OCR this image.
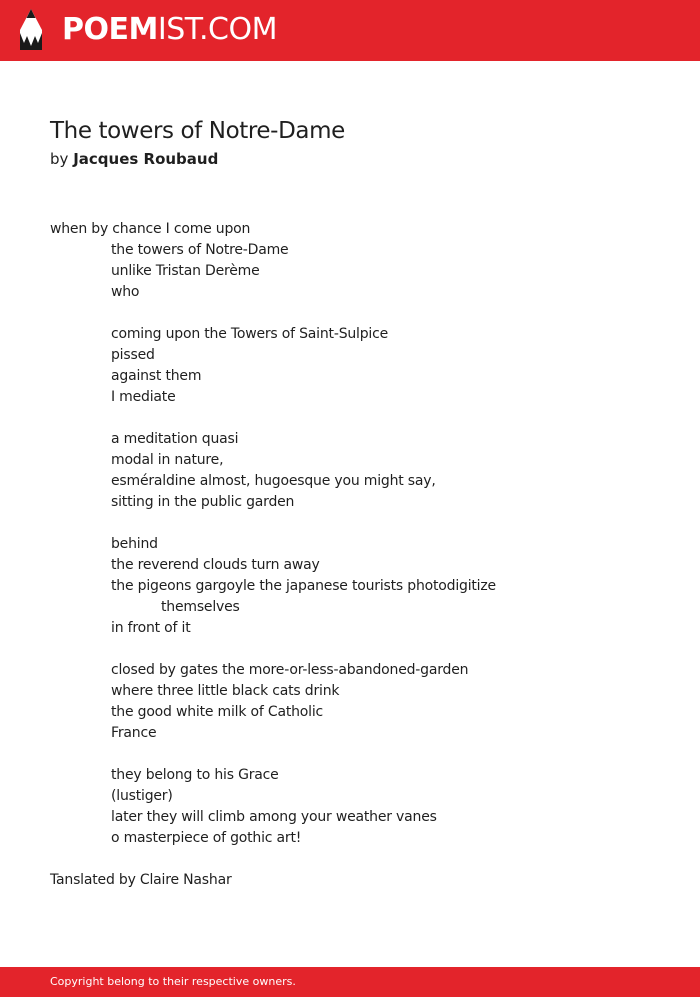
POEMIST.COM
The towers of Notre-Dame
by Jacques Roubaud
when by chance I come upon
the towers of Notre-Dame
unlike Tristan Derème
who
coming upon the Towers of Saint-Sulpice
pissed
against them
I mediate
a meditation quasi
modal in nature,
esméraldine almost, hugoesque you might say,
sitting in the public garden
behind
the reverend clouds turn away
the pigeons gargoyle the japanese tourists photodigitize
themselves
in front of it
closed by gates the more-or-less-abandoned-garden
where three little black cats drink
the good white milk of Catholic
France
they belong to his Grace
(lustiger)
later they will climb among your weather vanes
o masterpiece of gothic art!
Tanslated by Claire Nashar
Copyright belong to their respective owners.
